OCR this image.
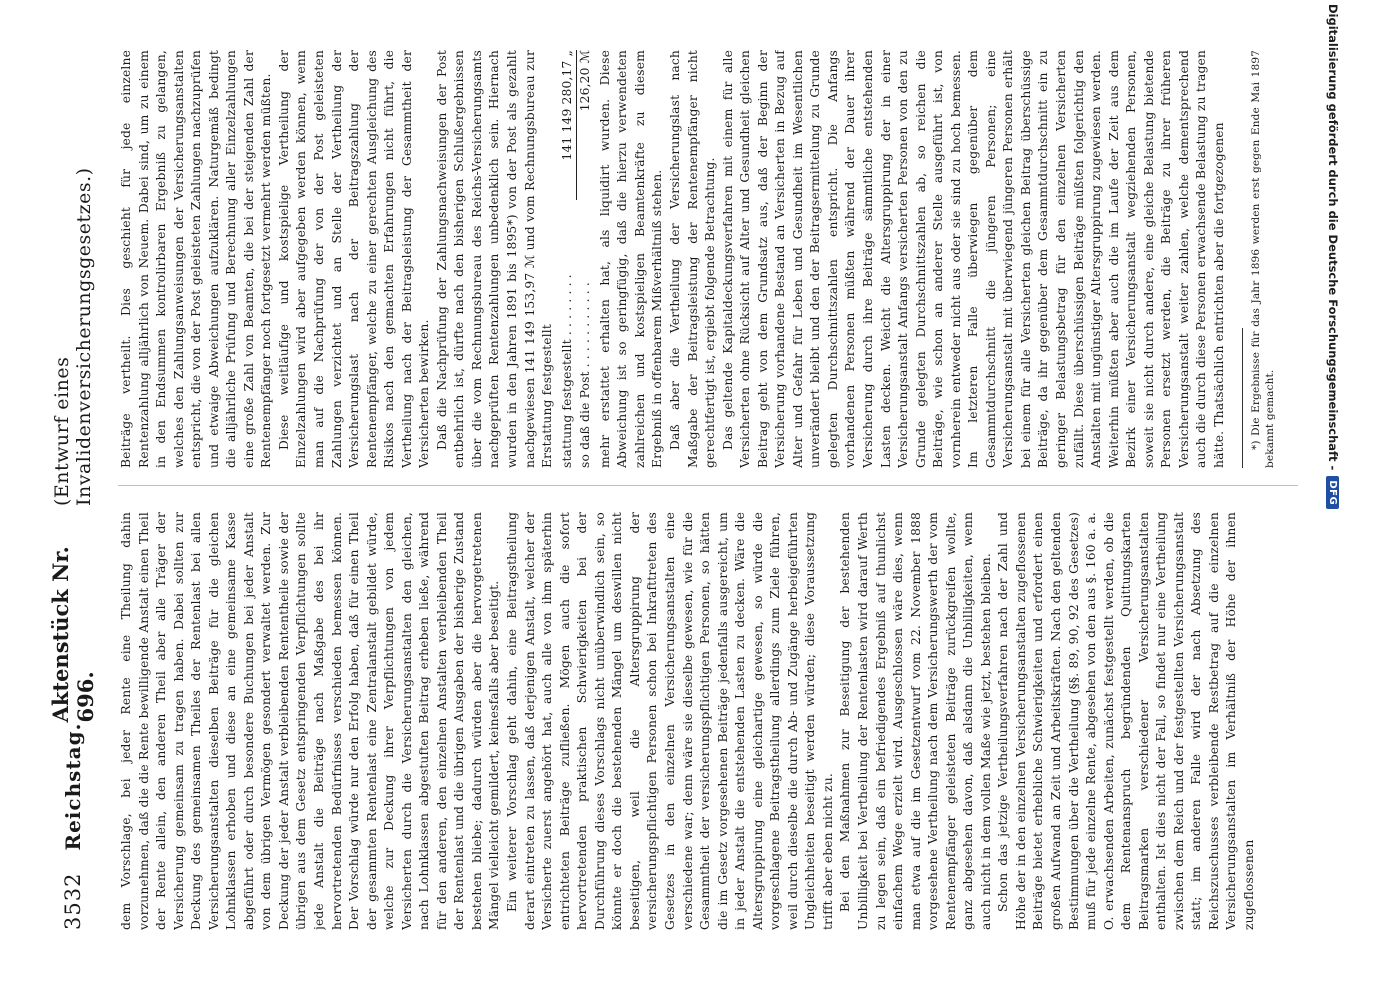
3532
Reichstag.
Aktenstück Nr. 696.
(Entwurf eines Invalidenversicherungsgesetzes.)

dem Vorschlage, bei jeder Rente eine Theilung dahin vorzunehmen, daß die die Rente bewilligende Anstalt einen Theil der Rente allein, den anderen Theil aber alle Träger der Versicherung gemeinsam zu tragen haben. Dabei sollten zur Deckung des gemeinsamen Theiles der Rentenlast bei allen Versicherungsanstalten dieselben Beiträge für die gleichen Lohnklassen erhoben und diese an eine gemeinsame Kasse abgeführt oder durch besondere Buchungen bei jeder Anstalt von dem übrigen Vermögen gesondert verwaltet werden. Zur Deckung der jeder Anstalt verbleibenden Rententheile sowie der übrigen aus dem Gesetz entspringenden Verpflichtungen sollte jede Anstalt die Beiträge nach Maßgabe des bei ihr hervortretenden Bedürfnisses verschieden bemessen können. Der Vorschlag würde nur den Erfolg haben, daß für einen Theil der gesammten Rentenlast eine Zentralanstalt gebildet würde, welche zur Deckung ihrer Verpflichtungen von jedem Versicherten durch die Versicherungsanstalten den gleichen, nach Lohnklassen abgestuften Beitrag erheben ließe, während für den anderen, den einzelnen Anstalten verbleibenden Theil der Rentenlast und die übrigen Ausgaben der bisherige Zustand bestehen bliebe; dadurch würden aber die hervorgetretenen Mängel vielleicht gemildert, keinesfalls aber beseitigt. Ein weiterer Vorschlag geht dahin, eine Beitragstheilung derart eintreten zu lassen, daß derjenigen Anstalt, welcher der Versicherte zuerst angehört hat, auch alle von ihm späterhin entrichteten Beiträge zufließen. Mögen auch die sofort hervortretenden praktischen Schwierigkeiten bei der Durchführung dieses Vorschlags nicht unüberwindlich sein, so könnte er doch die bestehenden Mängel um deswillen nicht beseitigen, weil die Altersgruppirung der versicherungspflichtigen Personen schon bei Inkrafttreten des Gesetzes in den einzelnen Versicherungsanstalten eine verschiedene war; denn wäre sie dieselbe gewesen, wie für die Gesammtheit der versicherungspflichtigen Personen, so hätten die im Gesetz vorgesehenen Beiträge jedenfalls ausgereicht, um in jeder Anstalt die entstehenden Lasten zu decken. Wäre die Altersgruppirung eine gleichartige gewesen, so würde die vorgeschlagene Beitragstheilung allerdings zum Ziele führen, weil durch dieselbe die durch Ab- und Zugänge herbeigeführten Ungleichheiten beseitigt werden würden; diese Voraussetzung trifft aber eben nicht zu. Bei den Maßnahmen zur Beseitigung der bestehenden Unbilligkeit bei Vertheilung der Rentenlasten wird darauf Werth zu legen sein, daß ein befriedigendes Ergebniß auf thunlichst einfachem Wege erzielt wird. Ausgeschlossen wäre dies, wenn man etwa auf die im Gesetzentwurf vom 22. November 1888 vorgesehene Vertheilung nach dem Versicherungswerth der vom Rentenempfänger geleisteten Beiträge zurückgreifen wollte, ganz abgesehen davon, daß alsdann die Unbilligkeiten, wenn auch nicht in dem vollen Maße wie jetzt, bestehen bleiben. Schon das jetzige Vertheilungsverfahren nach der Zahl und Höhe der in den einzelnen Versicherungsanstalten zugeflossenen Beiträge bietet erhebliche Schwierigkeiten und erfordert einen großen Aufwand an Zeit und Arbeitskräften. Nach den geltenden Bestimmungen über die Vertheilung (§§. 89, 90, 92 des Gesetzes) muß für jede einzelne Rente, abgesehen von den aus §. 160 a. a. O. erwachsenden Arbeiten, zunächst festgestellt werden, ob die dem Rentenanspruch begründenden Quittungskarten Beitragsmarken verschiedener Versicherungsanstalten enthalten. Ist dies nicht der Fall, so findet nur eine Vertheilung zwischen dem Reich und der festgestellten Versicherungsanstalt statt; im anderen Falle wird der nach Absetzung des Reichszuschusses verbleibende Restbetrag auf die einzelnen Versicherungsanstalten im Verhältniß der Höhe der ihnen zugeflossenen

Beiträge vertheilt. Dies geschieht für jede einzelne Rentenzahlung alljährlich von Neuem. Dabei sind, um zu einem in den Endsummen kontrolirbaren Ergebniß zu gelangen, welches den Zahlungsanweisungen der Versicherungsanstalten entspricht, die von der Post geleisteten Zahlungen nachzuprüfen und etwaige Abweichungen aufzuklären. Naturgemäß bedingt die alljährliche Prüfung und Berechnung aller Einzelzahlungen eine große Zahl von Beamten, die bei der steigenden Zahl der Rentenempfänger noch fortgesetzt vermehrt werden müßten. Diese weitläufige und kostspielige Vertheilung der Einzelzahlungen wird aber aufgegeben werden können, wenn man auf die Nachprüfung der von der Post geleisteten Zahlungen verzichtet und an Stelle der Vertheilung der Versicherungslast nach der Beitragszahlung der Rentenempfänger, welche zu einer gerechten Ausgleichung des Risikos nach den gemachten Erfahrungen nicht führt, die Vertheilung nach der Beitragsleistung der Gesammtheit der Versicherten bewirken. Daß die Nachprüfung der Zahlungsnachweisungen der Post entbehrlich ist, dürfte nach den bisherigen Schlußergebnissen über die vom Rechnungsbureau des Reichs-Versicherungsamts nachgeprüften Rentenzahlungen unbedenklich sein. Hiernach wurden in den Jahren 1891 bis 1895*) von der Post als gezahlt nachgewiesen 141 149 153,97 ℳ und vom Rechnungsbureau zur Erstattung festgestellt stattung festgestellt . . . . . . . .
141 149 280,17 „
so daß die Post . . . . . . . . . . .
126,20 ℳ mehr erstattet erhalten hat, als liquidirt wurden. Diese Abweichung ist so geringfügig, daß die hierzu verwendeten zahlreichen und kostspieligen Beamtenkräfte zu diesem Ergebniß in offenbarem Mißverhältniß stehen. Daß aber die Vertheilung der Versicherungslast nach Maßgabe der Beitragsleistung der Rentenempfänger nicht gerechtfertigt ist, ergiebt folgende Betrachtung. Das geltende Kapitaldeckungsverfahren mit einem für alle Versicherten ohne Rücksicht auf Alter und Gesundheit gleichen Beitrag geht von dem Grundsatz aus, daß der Beginn der Versicherung vorhandene Bestand an Versicherten in Bezug auf Alter und Gefahr für Leben und Gesundheit im Wesentlichen unverändert bleibt und den der Beitragsermittelung zu Grunde gelegten Durchschnittszahlen entspricht. Die Anfangs vorhandenen Personen müßten während der Dauer ihrer Versicherung durch ihre Beiträge sämmtliche entstehenden Lasten decken. Weicht die Altersgruppirung der in einer Versicherungsanstalt Anfangs versicherten Personen von den zu Grunde gelegten Durchschnittszahlen ab, so reichen die Beiträge, wie schon an anderer Stelle ausgeführt ist, von vornherein entweder nicht aus oder sie sind zu hoch bemessen. Im letzteren Falle überwiegen gegenüber dem Gesammtdurchschnitt die jüngeren Personen; eine Versicherungsanstalt mit überwiegend jüngeren Personen erhält bei einem für alle Versicherten gleichen Beitrag überschüssige Beiträge, da ihr gegenüber dem Gesammtdurchschnitt ein zu geringer Belastungsbetrag für den einzelnen Versicherten zufällt. Diese überschüssigen Beiträge müßten folgerichtig den Anstalten mit ungünstiger Altersgruppirung zugewiesen werden. Weiterhin müßten aber auch die im Laufe der Zeit aus dem Bezirk einer Versicherungsanstalt wegziehenden Personen, soweit sie nicht durch andere, eine gleiche Belastung bietende Personen ersetzt werden, die Beiträge zu ihrer früheren Versicherungsanstalt weiter zahlen, welche dementsprechend auch die durch diese Personen erwachsende Belastung zu tragen hätte. Thatsächlich entrichten aber die fortgezogenen *) Die Ergebnisse für das Jahr 1896 werden erst gegen Ende Mai 1897 bekannt gemacht.	Digitalisierung gefördert durch die Deutsche Forschungsgemeinschaft -
DFG
